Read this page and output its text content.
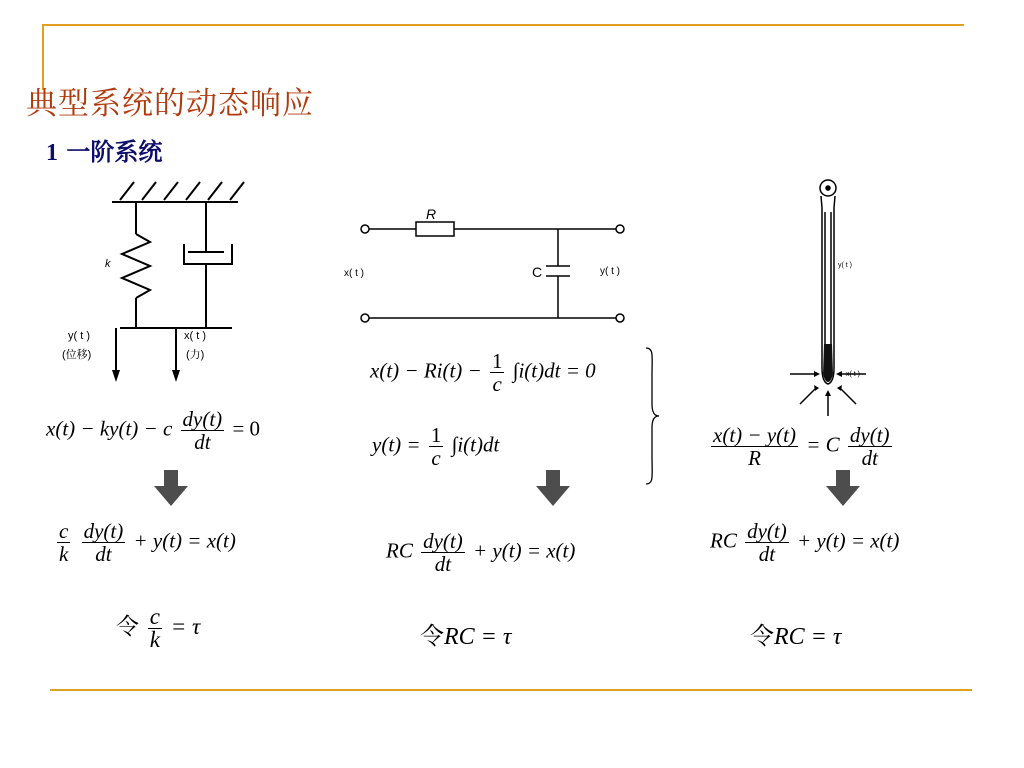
典型系统的动态响应
1 一阶系统
k
y( t )
(位移)
x( t )
(力)
x(t) − ky(t) − c $\frac{dy(t)}{dt} = 0$
$\frac{c}{k}$
$\frac{dy(t)}{dt} + y(t) = x(t)$
令 $\frac{c}{k} = \tau$
R
C
x( t )	y( t )
$x(t) - Ri(t) - \frac{1}{c} \int i(t)dt = 0$
$y(t) = \frac{1}{c} \int i(t)dt$
RC $\frac{dy(t)}{dt} + y(t) = x(t)$
令RC = τ
y( t )
x( t )
$\frac{x(t) - y(t)}{R} = C \frac{dy(t)}{dt}$
RC $\frac{dy(t)}{dt} + y(t) = x(t)$
令RC = τ
